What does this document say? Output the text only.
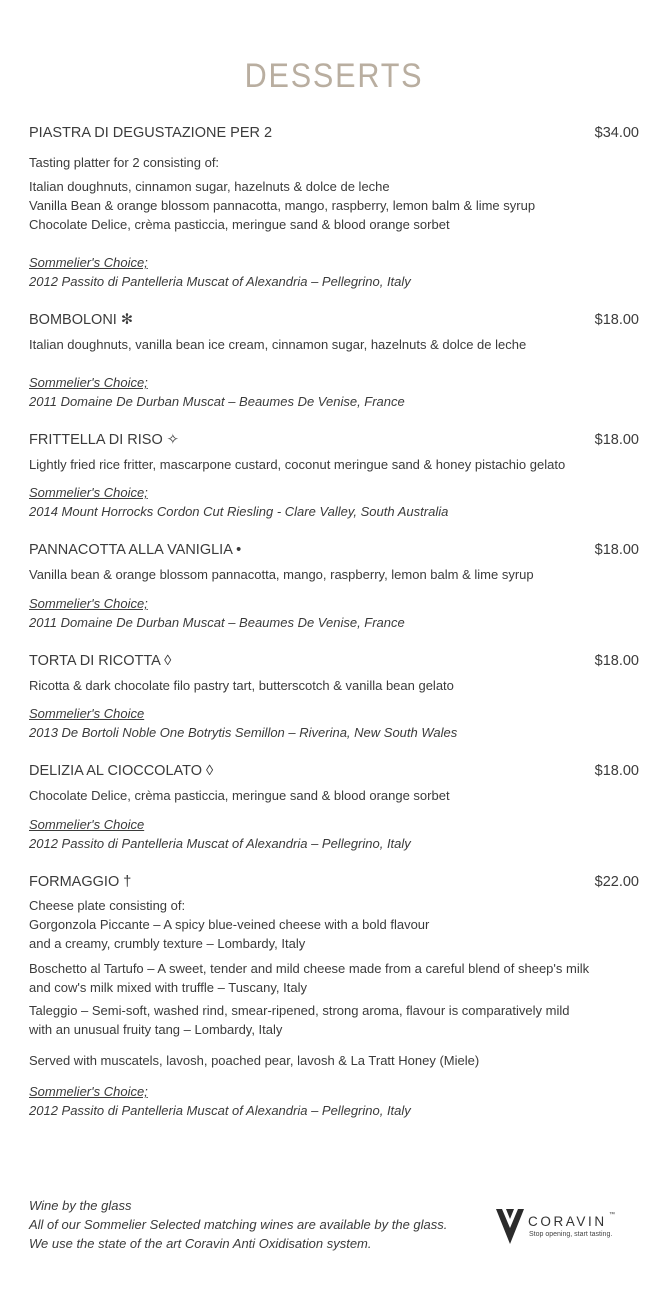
DESSERTS
PIASTRA DI DEGUSTAZIONE PER 2	$34.00
Tasting platter for 2 consisting of:
Italian doughnuts, cinnamon sugar, hazelnuts & dolce de leche
Vanilla Bean & orange blossom pannacotta, mango, raspberry, lemon balm & lime syrup
Chocolate Delice, crèma pasticcia, meringue sand & blood orange sorbet
Sommelier's Choice;
2012 Passito di Pantelleria Muscat of Alexandria – Pellegrino, Italy
BOMBOLONI ✻	$18.00
Italian doughnuts, vanilla bean ice cream, cinnamon sugar, hazelnuts & dolce de leche
Sommelier's Choice;
2011 Domaine De Durban Muscat – Beaumes De Venise, France
FRITTELLA DI RISO ✧	$18.00
Lightly fried rice fritter, mascarpone custard, coconut meringue sand & honey pistachio gelato
Sommelier's Choice;
2014 Mount Horrocks Cordon Cut Riesling - Clare Valley, South Australia
PANNACOTTA ALLA VANIGLIA •	$18.00
Vanilla bean & orange blossom pannacotta, mango, raspberry, lemon balm & lime syrup
Sommelier's Choice;
2011 Domaine De Durban Muscat – Beaumes De Venise, France
TORTA DI RICOTTA ◊	$18.00
Ricotta & dark chocolate filo pastry tart, butterscotch & vanilla bean gelato
Sommelier's Choice
2013 De Bortoli Noble One Botrytis Semillon – Riverina, New South Wales
DELIZIA AL CIOCCOLATO ◊	$18.00
Chocolate Delice, crèma pasticcia, meringue sand & blood orange sorbet
Sommelier's Choice
2012 Passito di Pantelleria Muscat of Alexandria – Pellegrino, Italy
FORMAGGIO †	$22.00
Cheese plate consisting of:
Gorgonzola Piccante – A spicy blue-veined cheese with a bold flavour
and a creamy, crumbly texture – Lombardy, Italy
Boschetto al Tartufo – A sweet, tender and mild cheese made from a careful blend of sheep's milk
and cow's milk mixed with truffle – Tuscany, Italy
Taleggio – Semi-soft, washed rind, smear-ripened, strong aroma, flavour is comparatively mild
with an unusual fruity tang – Lombardy, Italy
Served with muscatels, lavosh, poached pear, lavosh & La Tratt Honey (Miele)
Sommelier's Choice;
2012 Passito di Pantelleria Muscat of Alexandria – Pellegrino, Italy
Wine by the glass
All of our Sommelier Selected matching wines are available by the glass.
We use the state of the art Coravin Anti Oxidisation system.
CORAVIN ™
Stop opening, start tasting.
